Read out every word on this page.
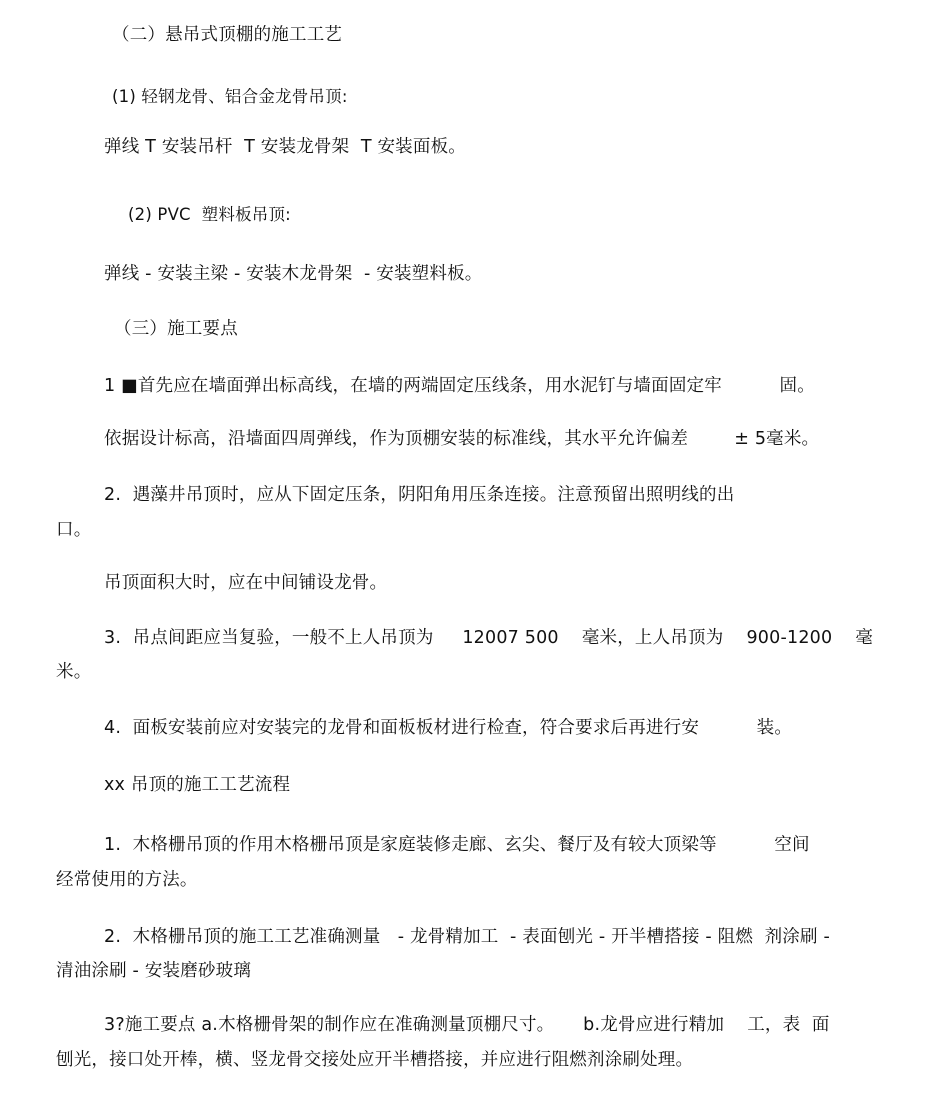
（二）悬吊式顶棚的施工工艺
(1) 轻钢龙骨、铝合金龙骨吊顶:
弹线 T 安装吊杆  T 安装龙骨架  T 安装面板。
(2) PVC  塑料板吊顶:
弹线 - 安装主梁 - 安装木龙骨架  - 安装塑料板。
（三）施工要点
1 ■首先应在墙面弹出标高线，在墙的两端固定压线条，用水泥钉与墙面固定牢          固。
依据设计标高，沿墙面四周弹线，作为顶棚安装的标准线，其水平允许偏差        ± 5毫米。
2.  遇藻井吊顶时，应从下固定压条，阴阳角用压条连接。注意预留出照明线的出
口。
吊顶面积大时，应在中间铺设龙骨。
3.  吊点间距应当复验，一般不上人吊顶为     12007 500    毫米，上人吊顶为    900-1200    毫
米。
4.  面板安装前应对安装完的龙骨和面板板材进行检查，符合要求后再进行安          装。
xx 吊顶的施工工艺流程
1.  木格栅吊顶的作用木格栅吊顶是家庭装修走廊、玄尖、餐厅及有较大顶梁等          空间
经常使用的方法。
2.  木格栅吊顶的施工工艺准确测量   - 龙骨精加工  - 表面刨光 - 开半槽搭接 - 阻燃  剂涂刷 -
清油涂刷 - 安装磨砂玻璃
3?施工要点 a.木格栅骨架的制作应在准确测量顶棚尺寸。     b.龙骨应进行精加    工，表  面
刨光，接口处开棒，横、竖龙骨交接处应开半槽搭接，并应进行阻燃剂涂刷处理。
